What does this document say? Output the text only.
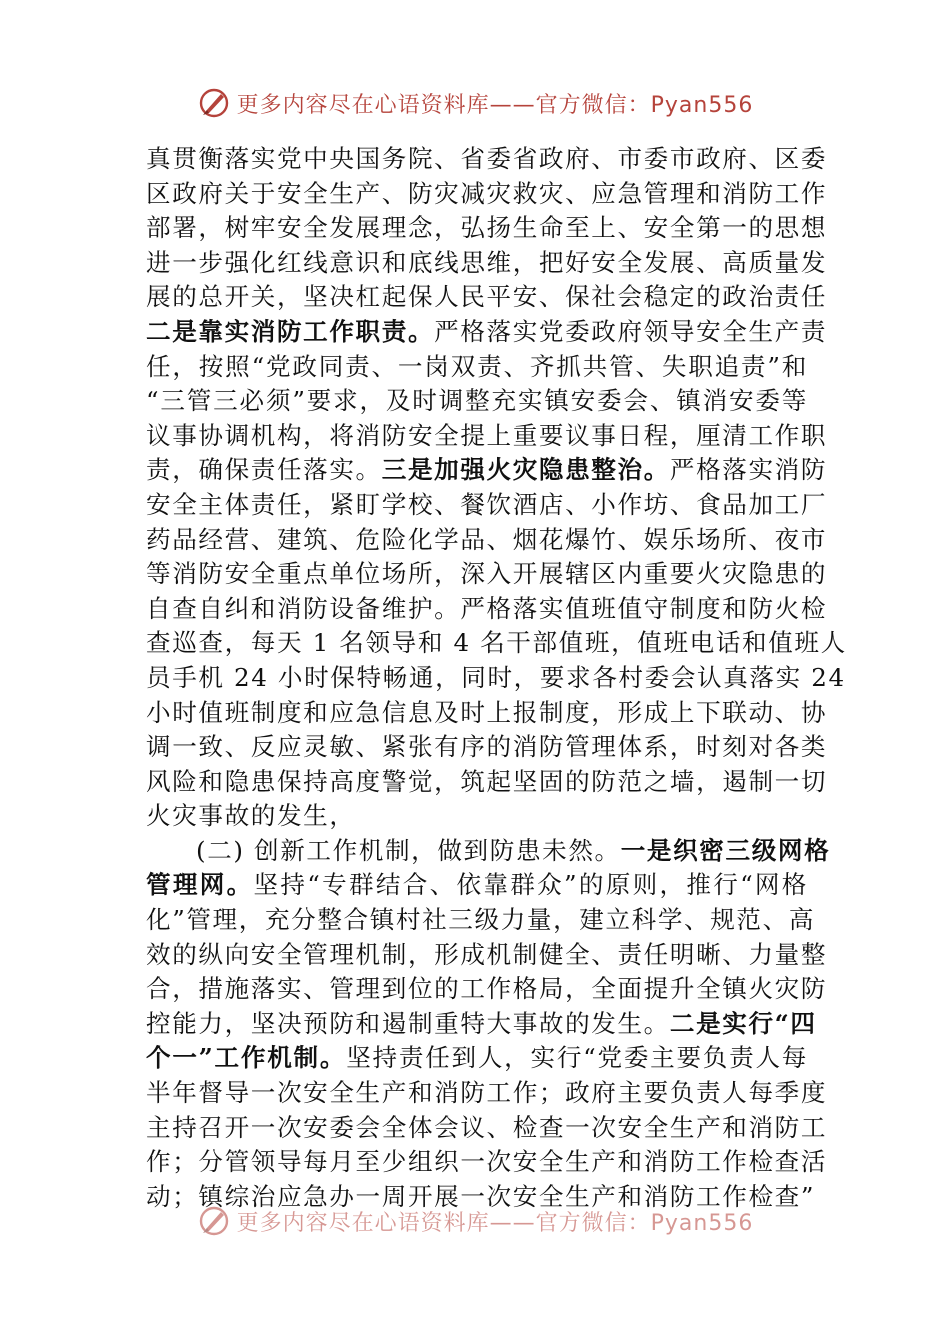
更多内容尽在心语资料库——官方微信：Pyan556
真贯衡落实党中央国务院、省委省政府、市委市政府、区委
区政府关于安全生产、防灾减灾救灾、应急管理和消防工作
部署，树牢安全发展理念，弘扬生命至上、安全第一的思想
进一步强化红线意识和底线思维，把好安全发展、高质量发
展的总开关，坚决杠起保人民平安、保社会稳定的政治责任
二是靠实消防工作职责。严格落实党委政府领导安全生产责
任，按照“党政同责、一岗双责、齐抓共管、失职追责”和
“三管三必须”要求，及时调整充实镇安委会、镇消安委等
议事协调机构，将消防安全提上重要议事日程，厘清工作职
责，确保责任落实。三是加强火灾隐患整治。严格落实消防
安全主体责任，紧盯学校、餐饮酒店、小作坊、食品加工厂
药品经营、建筑、危险化学品、烟花爆竹、娱乐场所、夜市
等消防安全重点单位场所，深入开展辖区内重要火灾隐患的
自查自纠和消防设备维护。严格落实值班值守制度和防火检
查巡查，每天 1 名领导和 4 名干部值班，值班电话和值班人
员手机 24 小时保特畅通，同时，要求各村委会认真落实 24
小时值班制度和应急信息及时上报制度，形成上下联动、协
调一致、反应灵敏、紧张有序的消防管理体系，时刻对各类
风险和隐患保持高度警觉，筑起坚固的防范之墙，遏制一切
火灾事故的发生，
(二) 创新工作机制，做到防患未然。一是织密三级网格
管理网。坚持“专群结合、依靠群众”的原则，推行“网格
化”管理，充分整合镇村社三级力量，建立科学、规范、高
效的纵向安全管理机制，形成机制健全、责任明晰、力量整
合，措施落实、管理到位的工作格局，全面提升全镇火灾防
控能力，坚决预防和遏制重特大事故的发生。二是实行“四
个一”工作机制。坚持责任到人，实行“党委主要负责人每
半年督导一次安全生产和消防工作；政府主要负责人每季度
主持召开一次安委会全体会议、检查一次安全生产和消防工
作；分管领导每月至少组织一次安全生产和消防工作检查活
动；镇综治应急办一周开展一次安全生产和消防工作检查”
更多内容尽在心语资料库——官方微信：Pyan556
